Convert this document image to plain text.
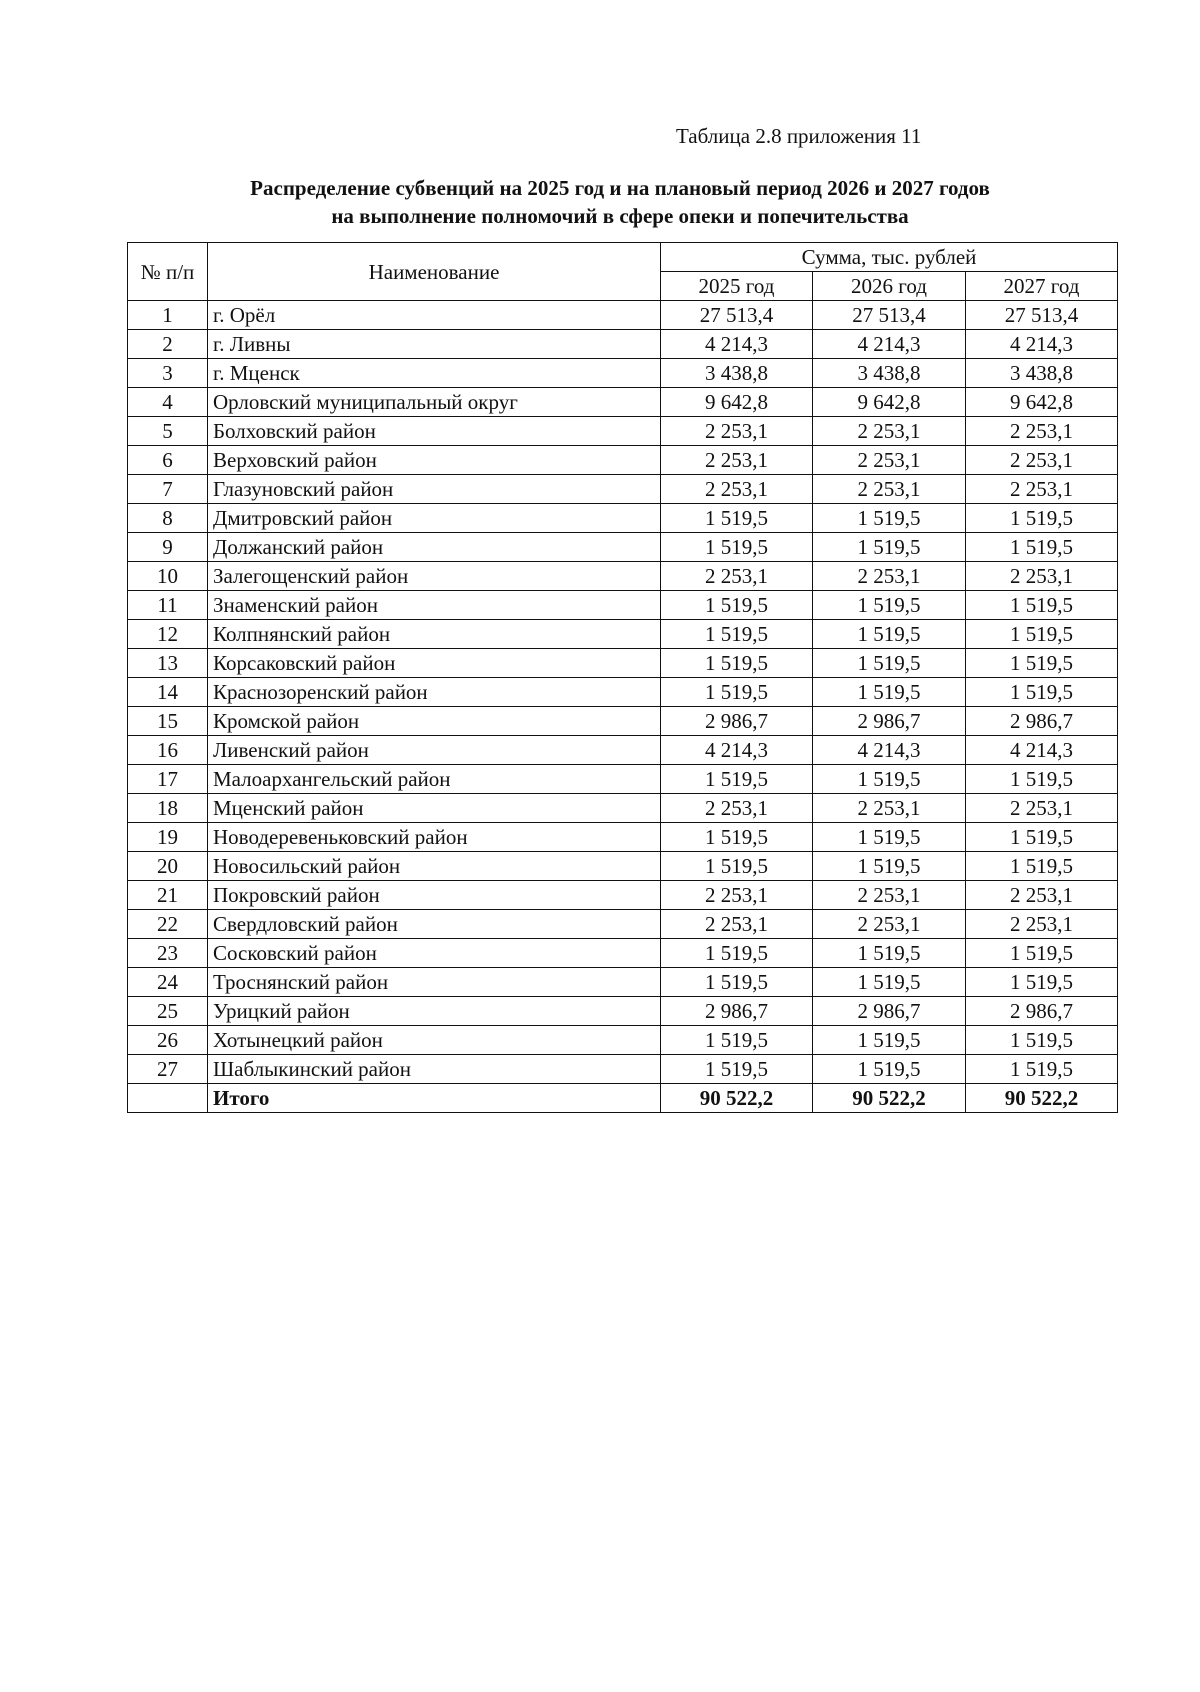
Таблица 2.8 приложения 11
Распределение субвенций на 2025 год и на плановый период 2026 и 2027 годов
на выполнение полномочий в сфере опеки и попечительства
№ п/п	Наименование	Сумма, тыс. рублей		
		2025 год	2026 год	2027 год
1	г. Орёл	27 513,4	27 513,4	27 513,4
2	г. Ливны	4 214,3	4 214,3	4 214,3
3	г. Мценск	3 438,8	3 438,8	3 438,8
4	Орловский муниципальный округ	9 642,8	9 642,8	9 642,8
5	Болховский район	2 253,1	2 253,1	2 253,1
6	Верховский район	2 253,1	2 253,1	2 253,1
7	Глазуновский район	2 253,1	2 253,1	2 253,1
8	Дмитровский район	1 519,5	1 519,5	1 519,5
9	Должанский район	1 519,5	1 519,5	1 519,5
10	Залегощенский район	2 253,1	2 253,1	2 253,1
11	Знаменский район	1 519,5	1 519,5	1 519,5
12	Колпнянский район	1 519,5	1 519,5	1 519,5
13	Корсаковский район	1 519,5	1 519,5	1 519,5
14	Краснозоренский район	1 519,5	1 519,5	1 519,5
15	Кромской район	2 986,7	2 986,7	2 986,7
16	Ливенский район	4 214,3	4 214,3	4 214,3
17	Малоархангельский район	1 519,5	1 519,5	1 519,5
18	Мценский район	2 253,1	2 253,1	2 253,1
19	Новодеревеньковский район	1 519,5	1 519,5	1 519,5
20	Новосильский район	1 519,5	1 519,5	1 519,5
21	Покровский район	2 253,1	2 253,1	2 253,1
22	Свердловский район	2 253,1	2 253,1	2 253,1
23	Сосковский район	1 519,5	1 519,5	1 519,5
24	Троснянский район	1 519,5	1 519,5	1 519,5
25	Урицкий район	2 986,7	2 986,7	2 986,7
26	Хотынецкий район	1 519,5	1 519,5	1 519,5
27	Шаблыкинский район	1 519,5	1 519,5	1 519,5
	Итого	90 522,2	90 522,2	90 522,2
